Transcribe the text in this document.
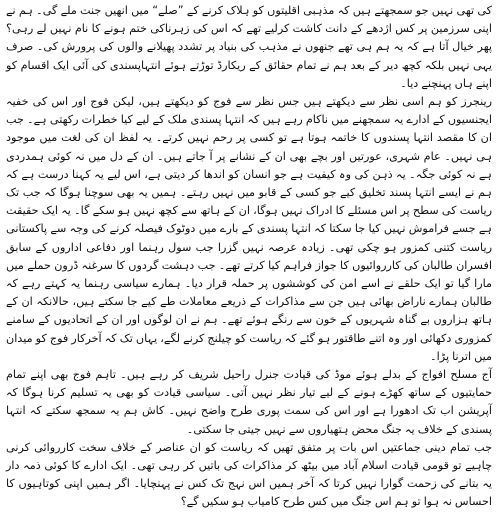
کی تھی نہیں جو سمجھتے ہیں کہ مذہبی اقلیتوں کو ہلاک کرنے کے ”صلے“ میں انھیں جنت ملے گی۔ ہم نے اپنی سرزمین پر کس اژدھے کے دانت کاشت کرلیے تھے کہ اس کی زہرناکی ختم ہونے کا نام نہیں لے رہی؟ پھر خیال آتا ہے کہ یہ ہم ہی تھے جنھوں نے مذہب کی بنیاد پر تشدد پھیلانے والوں کی پرورش کی۔ صرف یہی نہیں بلکہ کچھ دیر کے بعد ہم نے تمام حقائق کے ریکارڈ توڑتے ہوئے انتہاپسندی کی آئی ایک اقسام کو اپنے ہاں پہنچنے دیا۔

رینجرز کو ہم اسی نظر سے دیکھتے ہیں جس نظر سے فوج کو دیکھتے ہیں، لیکن فوج اور اس کی خفیہ ایجنسیوں کے ادارے یہ سمجھنے میں ناکام رہے ہیں کہ انتہا پسندی ملک کے لیے کیا خطرات رکھتی ہے۔ جب ان کا مقصد انتہا پسندوں کا خاتمہ ہوتا ہے تو کسی پر رحم نہیں کرتے۔ یہ لفظ ان کی لغت میں موجود ہی نہیں۔ عام شہری، عورتیں اور بچے بھی ان کے نشانے پر آ جاتے ہیں۔ ان کے دل میں نہ کوئی ہمدردی ہے نہ کوئی جگہ۔ یہ ذہن کی وہ کیفیت ہے جو انسان کو اندھا کر دیتی ہے، اس لیے یہ کہنا درست ہے کہ ہم نے ایسے انتہا پسند تخلیق کیے جو کسی کے قابو میں نہیں رہتے۔ ہمیں یہ بھی سوچنا ہوگا کہ جب تک ریاست کی سطح پر اس مسئلے کا ادراک نہیں ہوگا، ان کے ہاتھ سے کچھ نہیں ہو سکے گا۔ یہ ایک حقیقت ہے جسے فراموش نہیں کیا جا سکتا کہ انتہا پسندی کے بارے میں دوٹوک فیصلہ کرنے کی وجہ سے پاکستانی ریاست کتنی کمزور ہو چکی تھی۔ زیادہ عرصہ نہیں گزرا جب سول رہنما اور دفاعی اداروں کے سابق افسران طالبان کی کارروائیوں کا جواز فراہم کیا کرتے تھے۔ جب دہشت گردوں کا سرغنہ ڈرون حملے میں مارا گیا تو ایک حلقے نے اسے امن کی کوششوں پر حملہ قرار دیا۔ ہمارے سیاسی رہنما یہ کہتے رہے کہ طالبان ہمارے ناراض بھائی ہیں جن سے مذاکرات کے ذریعے معاملات طے کیے جا سکتے ہیں، حالانکہ ان کے ہاتھ ہزاروں بے گناہ شہریوں کے خون سے رنگے ہوئے تھے۔ ہم نے ان لوگوں اور ان کے اتحادیوں کے سامنے کمزوری دکھائی اور وہ اتنے طاقتور ہو گئے کہ ریاست کو چیلنج کرنے لگے، یہاں تک کہ آخرکار فوج کو میدان میں اترنا پڑا۔

آج مسلح افواج کے بدلے ہوئے موڈ کی قیادت جنرل راحیل شریف کر رہے ہیں۔ تاہم فوج بھی اپنے تمام حمایتیوں کے ساتھ کھڑے ہونے کے لیے تیار نظر نہیں آتی۔ سیاسی قیادت کو بھی یہ تسلیم کرنا ہوگا کہ آپریشن اب تک ادھورا ہے اور اس کی سمت پوری طرح واضح نہیں۔ کاش ہم یہ سمجھ سکتے کہ انتہا پسندی کے خلاف یہ جنگ محض ہتھیاروں سے نہیں جیتی جا سکتی۔

جب تمام دینی جماعتیں اس بات پر متفق تھیں کہ ریاست کو ان عناصر کے خلاف سخت کارروائی کرنی چاہیے تو قومی قیادت اسلام آباد میں بیٹھ کر مذاکرات کی باتیں کر رہی تھی۔ ایک ادارے کا کوئی ذمہ دار یہ بتانے کی زحمت گوارا نہیں کرتا کہ آخر ہمیں اس نہج تک کس نے پہنچایا۔ اگر ہمیں اپنی کوتاہیوں کا احساس نہ ہوا تو ہم اس جنگ میں کس طرح کامیاب ہو سکیں گے؟
